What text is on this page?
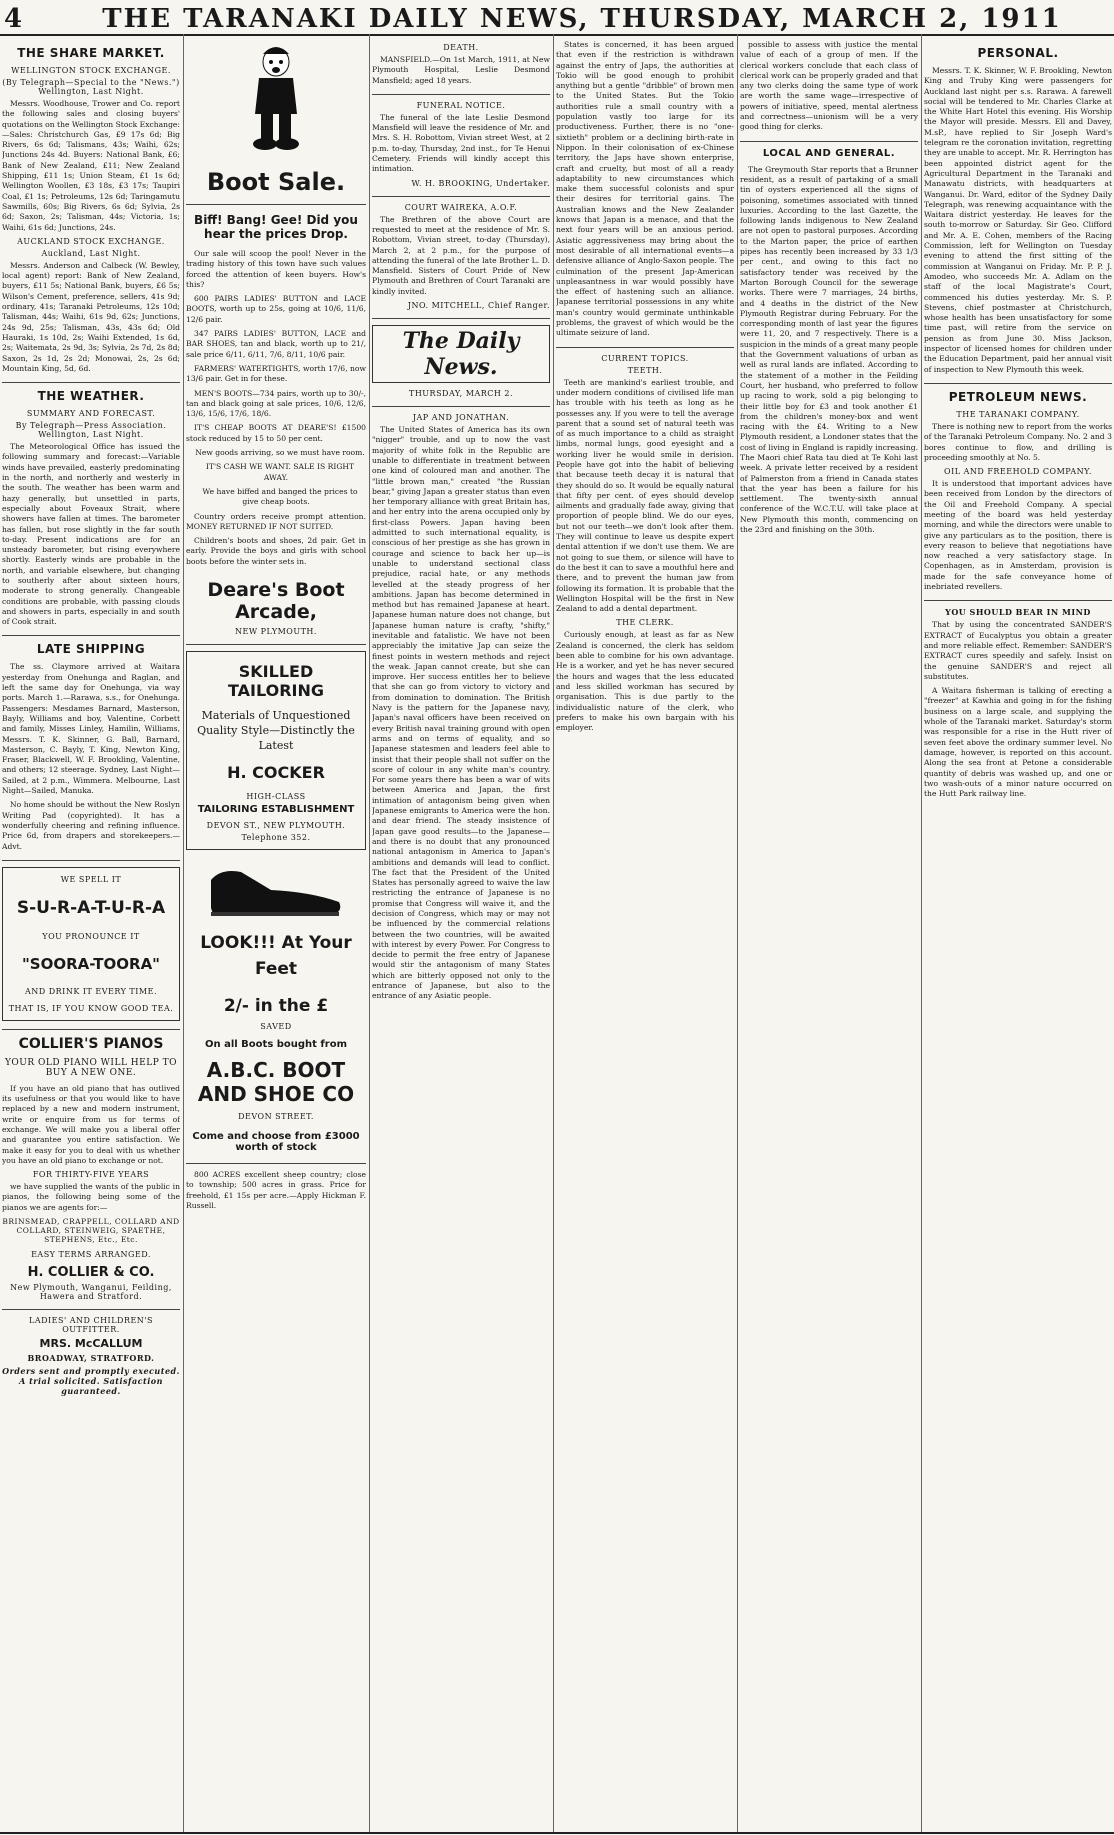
4	THE TARANAKI DAILY NEWS, THURSDAY, MARCH 2, 1911
THE SHARE MARKET.
WELLINGTON STOCK EXCHANGE.
(By Telegraph—Special to the "News.") Wellington, Last Night.

Messrs. Woodhouse, Trower and Co. report the following sales and closing buyers' quotations on the Wellington Stock Exchange:—Sales: Christchurch Gas, £9 17s 6d; Big Rivers, 6s 6d; Talismans, 43s; Waihi, 62s; Junctions 24s 4d. Buyers: National Bank, £6; Bank of New Zealand, £11; New Zealand Shipping, £11 1s; Union Steam, £1 1s 6d; Wellington Woollen, £3 18s, £3 17s; Taupiri Coal, £1 1s; Petroleums, 12s 6d; Taringamutu Sawmills, 60s; Big Rivers, 6s 6d; Sylvia, 2s 6d; Saxon, 2s; Talisman, 44s; Victoria, 1s; Waihi, 61s 6d; Junctions, 24s.

AUCKLAND STOCK EXCHANGE.
Auckland, Last Night.

Messrs. Anderson and Calbeck (W. Bewley, local agent) report: Bank of New Zealand, buyers, £11 5s; National Bank, buyers, £6 5s; Wilson's Cement, preference, sellers, 41s 9d; ordinary, 41s; Taranaki Petroleums, 12s 10d; Talisman, 44s; Waihi, 61s 9d, 62s; Junctions, 24s 9d, 25s; Talisman, 43s, 43s 6d; Old Hauraki, 1s 10d, 2s; Waihi Extended, 1s 6d, 2s; Waitemata, 2s 9d, 3s; Sylvia, 2s 7d, 2s 8d; Saxon, 2s 1d, 2s 2d; Monowai, 2s, 2s 6d; Mountain King, 5d, 6d.

THE WEATHER.
SUMMARY AND FORECAST.
By Telegraph—Press Association. Wellington, Last Night.

The Meteorological Office has issued the following summary and forecast:—Variable winds have prevailed, easterly predominating in the north, and northerly and westerly in the south. The weather has been warm and hazy generally, but unsettled in parts, especially about Foveaux Strait, where showers have fallen at times. The barometer has fallen, but rose slightly in the far south to-day. Present indications are for an unsteady barometer, but rising everywhere shortly. Easterly winds are probable in the north, and variable elsewhere, but changing to southerly after about sixteen hours, moderate to strong generally. Changeable conditions are probable, with passing clouds and showers in parts, especially in and south of Cook strait.

LATE SHIPPING

The ss. Claymore arrived at Waitara yesterday from Onehunga and Raglan, and left the same day for Onehunga, via way ports. March 1.—Rarawa, s.s., for Onehunga. Passengers: Mesdames Barnard, Masterson, Bayly, Williams and boy, Valentine, Corbett and family, Misses Linley, Hamilin, Williams, Messrs. T. K. Skinner, G. Ball, Barnard, Masterson, C. Bayly, T. King, Newton King, Fraser, Blackwell, W. F. Brookling, Valentine, and others; 12 steerage. Sydney, Last Night—Sailed, at 2 p.m., Wimmera. Melbourne, Last Night—Sailed, Manuka.

No home should be without the New Roslyn Writing Pad (copyrighted). It has a wonderfully cheering and refining influence. Price 6d, from drapers and storekeepers.—Advt.

WE SPELL IT
S-U-R-A-T-U-R-A
YOU PRONOUNCE IT
"SOORA-TOORA"
AND DRINK IT EVERY TIME.
THAT IS, IF YOU KNOW GOOD TEA.
COLLIER'S PIANOS
YOUR OLD PIANO WILL HELP TO BUY A NEW ONE.

If you have an old piano that has outlived its usefulness or that you would like to have replaced by a new and modern instrument, write or enquire from us for terms of exchange. We will make you a liberal offer and guarantee you entire satisfaction. We make it easy for you to deal with us whether you have an old piano to exchange or not.

FOR THIRTY-FIVE YEARS

we have supplied the wants of the public in pianos, the following being some of the pianos we are agents for:—

BRINSMEAD, CRAPPELL, COLLARD AND COLLARD, STEINWEIG, SPAETHE, STEPHENS, Etc., Etc.
EASY TERMS ARRANGED.
H. COLLIER & CO.
New Plymouth, Wanganui, Feilding, Hawera and Stratford.
LADIES' AND CHILDREN'S OUTFITTER.
MRS. McCALLUM
BROADWAY, STRATFORD.
Orders sent and promptly executed. A trial solicited. Satisfaction guaranteed.
Boot Sale.
Biff! Bang! Gee! Did you hear the prices Drop.

Our sale will scoop the pool! Never in the trading history of this town have such values forced the attention of keen buyers. How's this?

600 PAIRS LADIES' BUTTON and LACE BOOTS, worth up to 25s, going at 10/6, 11/6, 12/6 pair.

347 PAIRS LADIES' BUTTON, LACE and BAR SHOES, tan and black, worth up to 21/, sale price 6/11, 6/11, 7/6, 8/11, 10/6 pair.

FARMERS' WATERTIGHTS, worth 17/6, now 13/6 pair. Get in for these.

MEN'S BOOTS—734 pairs, worth up to 30/-, tan and black going at sale prices, 10/6, 12/6, 13/6, 15/6, 17/6, 18/6.

IT'S CHEAP BOOTS AT DEARE'S! £1500 stock reduced by 15 to 50 per cent.

New goods arriving, so we must have room.

IT'S CASH WE WANT. SALE IS RIGHT AWAY.

We have biffed and banged the prices to give cheap boots.

Country orders receive prompt attention. MONEY RETURNED IF NOT SUITED.

Children's boots and shoes, 2d pair. Get in early. Provide the boys and girls with school boots before the winter sets in.

Deare's Boot Arcade,
NEW PLYMOUTH.
SKILLED TAILORING
Materials of Unquestioned Quality Style—Distinctly the Latest
H. COCKER
HIGH-CLASS
TAILORING ESTABLISHMENT
DEVON ST., NEW PLYMOUTH.
Telephone 352.
LOOK!!! At Your Feet
2/- in the £
SAVED
On all Boots bought from
A.B.C. BOOT AND SHOE CO
DEVON STREET.
Come and choose from £3000 worth of stock

800 ACRES excellent sheep country; close to township; 500 acres in grass. Price for freehold, £1 15s per acre.—Apply Hickman F. Russell.

DEATH.

MANSFIELD.—On 1st March, 1911, at New Plymouth Hospital, Leslie Desmond Mansfield; aged 18 years.

FUNERAL NOTICE.

The funeral of the late Leslie Desmond Mansfield will leave the residence of Mr. and Mrs. S. H. Robottom, Vivian street West, at 2 p.m. to-day, Thursday, 2nd inst., for Te Henui Cemetery. Friends will kindly accept this intimation.

W. H. BROOKING, Undertaker.
COURT WAIREKA, A.O.F.

The Brethren of the above Court are requested to meet at the residence of Mr. S. Robottom, Vivian street, to-day (Thursday), March 2, at 2 p.m., for the purpose of attending the funeral of the late Brother L. D. Mansfield. Sisters of Court Pride of New Plymouth and Brethren of Court Taranaki are kindly invited.

JNO. MITCHELL, Chief Ranger.
The Daily News.
THURSDAY, MARCH 2.
JAP AND JONATHAN.

The United States of America has its own "nigger" trouble, and up to now the vast majority of white folk in the Republic are unable to differentiate in treatment between one kind of coloured man and another. The "little brown man," created "the Russian bear," giving Japan a greater status than even her temporary alliance with great Britain has, and her entry into the arena occupied only by first-class Powers. Japan having been admitted to such international equality, is conscious of her prestige as she has grown in courage and science to back her up—is unable to understand sectional class prejudice, racial hate, or any methods levelled at the steady progress of her ambitions. Japan has become determined in method but has remained Japanese at heart. Japanese human nature does not change, but Japanese human nature is crafty, "shifty," inevitable and fatalistic. We have not been appreciably the imitative Jap can seize the finest points in western methods and reject the weak. Japan cannot create, but she can improve. Her success entitles her to believe that she can go from victory to victory and from domination to domination. The British Navy is the pattern for the Japanese navy, Japan's naval officers have been received on every British naval training ground with open arms and on terms of equality, and so Japanese statesmen and leaders feel able to insist that their people shall not suffer on the score of colour in any white man's country. For some years there has been a war of wits between America and Japan, the first intimation of antagonism being given when Japanese emigrants to America were the hon. and dear friend. The steady insistence of Japan gave good results—to the Japanese—and there is no doubt that any pronounced national antagonism in America to Japan's ambitions and demands will lead to conflict. The fact that the President of the United States has personally agreed to waive the law restricting the entrance of Japanese is no promise that Congress will waive it, and the decision of Congress, which may or may not be influenced by the commercial relations between the two countries, will be awaited with interest by every Power. For Congress to decide to permit the free entry of Japanese would stir the antagonism of many States which are bitterly opposed not only to the entrance of Japanese, but also to the entrance of any Asiatic people.

States is concerned, it has been argued that even if the restriction is withdrawn against the entry of Japs, the authorities at Tokio will be good enough to prohibit anything but a gentle "dribble" of brown men to the United States. But the Tokio authorities rule a small country with a population vastly too large for its productiveness. Further, there is no "one-sixtieth" problem or a declining birth-rate in Nippon. In their colonisation of ex-Chinese territory, the Japs have shown enterprise, craft and cruelty, but most of all a ready adaptability to new circumstances which make them successful colonists and spur their desires for territorial gains. The Australian knows and the New Zealander knows that Japan is a menace, and that the next four years will be an anxious period. Asiatic aggressiveness may bring about the most desirable of all international events—a defensive alliance of Anglo-Saxon people. The culmination of the present Jap-American unpleasantness in war would possibly have the effect of hastening such an alliance. Japanese territorial possessions in any white man's country would germinate unthinkable problems, the gravest of which would be the ultimate seizure of land.

CURRENT TOPICS.
TEETH.

Teeth are mankind's earliest trouble, and under modern conditions of civilised life man has trouble with his teeth as long as he possesses any. If you were to tell the average parent that a sound set of natural teeth was of as much importance to a child as straight limbs, normal lungs, good eyesight and a working liver he would smile in derision. People have got into the habit of believing that because teeth decay it is natural that they should do so. It would be equally natural that fifty per cent. of eyes should develop ailments and gradually fade away, giving that proportion of people blind. We do our eyes, but not our teeth—we don't look after them. They will continue to leave us despite expert dental attention if we don't use them. We are not going to sue them, or silence will have to do the best it can to save a mouthful here and there, and to prevent the human jaw from following its formation. It is probable that the Wellington Hospital will be the first in New Zealand to add a dental department.

THE CLERK.

Curiously enough, at least as far as New Zealand is concerned, the clerk has seldom been able to combine for his own advantage. He is a worker, and yet he has never secured the hours and wages that the less educated and less skilled workman has secured by organisation. This is due partly to the individualistic nature of the clerk, who prefers to make his own bargain with his employer.

possible to assess with justice the mental value of each of a group of men. If the clerical workers conclude that each class of clerical work can be properly graded and that any two clerks doing the same type of work are worth the same wage—irrespective of powers of initiative, speed, mental alertness and correctness—unionism will be a very good thing for clerks.

LOCAL AND GENERAL.

The Greymouth Star reports that a Brunner resident, as a result of partaking of a small tin of oysters experienced all the signs of poisoning, sometimes associated with tinned luxuries. According to the last Gazette, the following lands indigenous to New Zealand are not open to pastoral purposes. According to the Marton paper, the price of earthen pipes has recently been increased by 33 1/3 per cent., and owing to this fact no satisfactory tender was received by the Marton Borough Council for the sewerage works. There were 7 marriages, 24 births, and 4 deaths in the district of the New Plymouth Registrar during February. For the corresponding month of last year the figures were 11, 20, and 7 respectively. There is a suspicion in the minds of a great many people that the Government valuations of urban as well as rural lands are inflated. According to the statement of a mother in the Feilding Court, her husband, who preferred to follow up racing to work, sold a pig belonging to their little boy for £3 and took another £1 from the children's money-box and went racing with the £4. Writing to a New Plymouth resident, a Londoner states that the cost of living in England is rapidly increasing. The Maori chief Rata tau died at Te Kohi last week. A private letter received by a resident of Palmerston from a friend in Canada states that the year has been a failure for his settlement. The twenty-sixth annual conference of the W.C.T.U. will take place at New Plymouth this month, commencing on the 23rd and finishing on the 30th.

PERSONAL.

Messrs. T. K. Skinner, W. F. Brookling, Newton King and Truby King were passengers for Auckland last night per s.s. Rarawa. A farewell social will be tendered to Mr. Charles Clarke at the White Hart Hotel this evening. His Worship the Mayor will preside. Messrs. Ell and Davey, M.sP., have replied to Sir Joseph Ward's telegram re the coronation invitation, regretting they are unable to accept. Mr. R. Herrington has been appointed district agent for the Agricultural Department in the Taranaki and Manawatu districts, with headquarters at Wanganui. Dr. Ward, editor of the Sydney Daily Telegraph, was renewing acquaintance with the Waitara district yesterday. He leaves for the south to-morrow or Saturday. Sir Geo. Clifford and Mr. A. E. Cohen, members of the Racing Commission, left for Wellington on Tuesday evening to attend the first sitting of the commission at Wanganui on Friday. Mr. P. P. J. Amodeo, who succeeds Mr. A. Adlam on the staff of the local Magistrate's Court, commenced his duties yesterday. Mr. S. P. Stevens, chief postmaster at Christchurch, whose health has been unsatisfactory for some time past, will retire from the service on pension as from June 30. Miss Jackson, inspector of licensed homes for children under the Education Department, paid her annual visit of inspection to New Plymouth this week.

PETROLEUM NEWS.
THE TARANAKI COMPANY.

There is nothing new to report from the works of the Taranaki Petroleum Company. No. 2 and 3 bores continue to flow, and drilling is proceeding smoothly at No. 5.

OIL AND FREEHOLD COMPANY.

It is understood that important advices have been received from London by the directors of the Oil and Freehold Company. A special meeting of the board was held yesterday morning, and while the directors were unable to give any particulars as to the position, there is every reason to believe that negotiations have now reached a very satisfactory stage. In Copenhagen, as in Amsterdam, provision is made for the safe conveyance home of inebriated revellers.

YOU SHOULD BEAR IN MIND

That by using the concentrated SANDER'S EXTRACT of Eucalyptus you obtain a greater and more reliable effect. Remember: SANDER'S EXTRACT cures speedily and safely. Insist on the genuine SANDER'S and reject all substitutes.

A Waitara fisherman is talking of erecting a "freezer" at Kawhia and going in for the fishing business on a large scale, and supplying the whole of the Taranaki market. Saturday's storm was responsible for a rise in the Hutt river of seven feet above the ordinary summer level. No damage, however, is reported on this account. Along the sea front at Petone a considerable quantity of debris was washed up, and one or two wash-outs of a minor nature occurred on the Hutt Park railway line.
